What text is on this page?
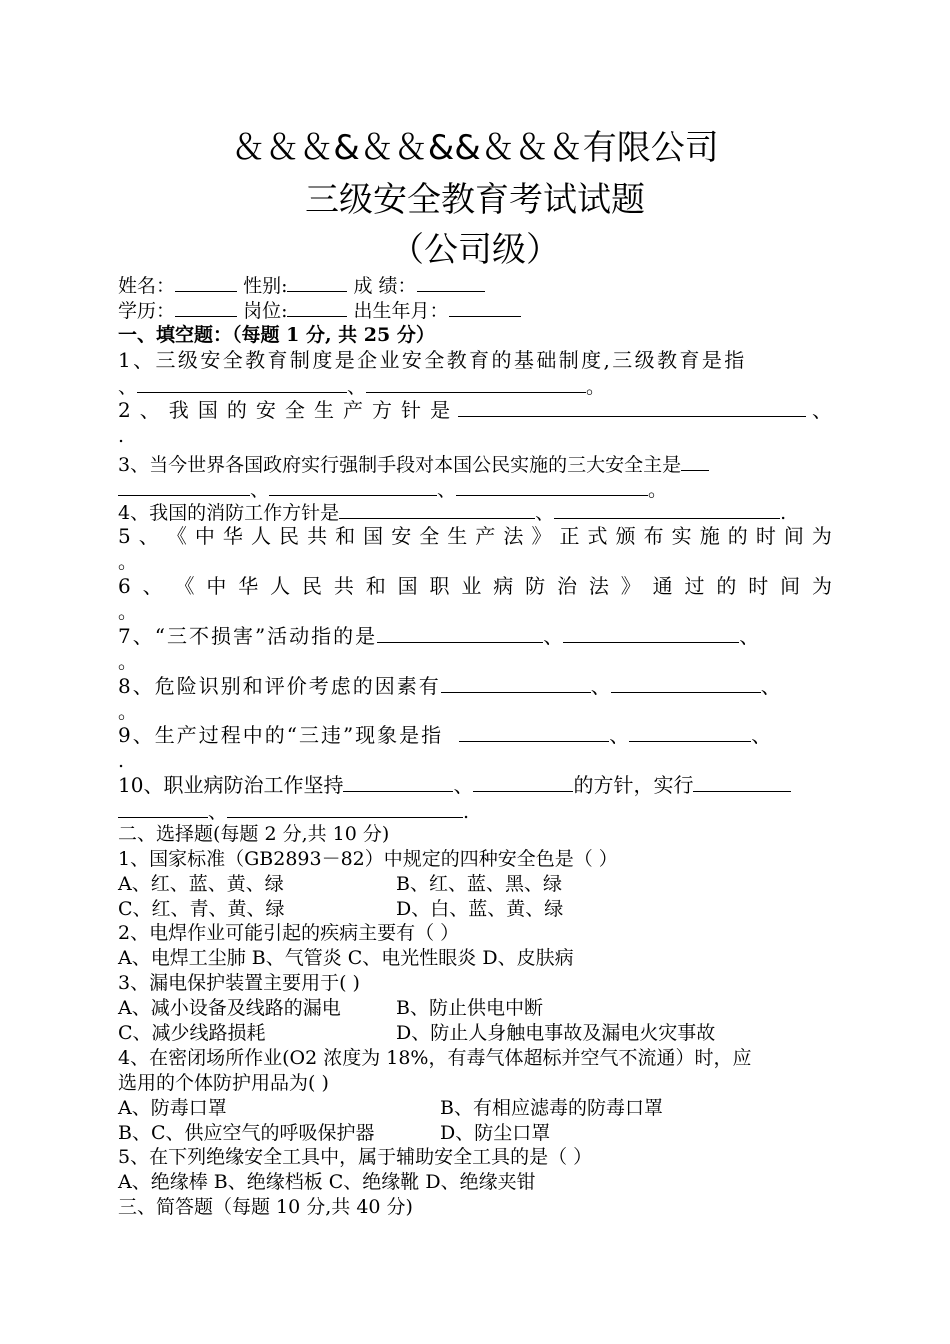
＆＆＆&＆＆&&＆＆＆有限公司
三级安全教育考试试题
（公司级）
姓名：	性别:	成 绩：
学历：	岗位:	出生年月：
一、填空题：（每题 1 分, 共 25 分）
1、三级安全教育制度是企业安全教育的基础制度,三级教育是指
、	、	。
2 、 我 国 的 安 全 生 产 方 针 是	、
.
3、当今世界各国政府实行强制手段对本国公民实施的三大安全主是
、	、	。
4、我国的消防工作方针是	、	.
5 、 《 中 华 人 民 共 和 国 安 全 生 产 法 》 正 式 颁 布 实 施 的 时 间 为
。
6 、 《 中 华 人 民 共 和 国 职 业 病 防 治 法 》 通 过 的 时 间 为
。
7、“三不损害”活动指的是	、	、
。
8、危险识别和评价考虑的因素有	、	、
。
9、生产过程中的“三违”现象是指	、	、
.
10、职业病防治工作坚持	、	的方针，实行
、	.
二、选择题(每题 2 分,共 10 分)
1、国家标准（GB2893－82）中规定的四种安全色是（ ）
A、红、蓝、黄、绿	B、红、蓝、黑、绿
C、红、青、黄、绿	D、白、蓝、黄、绿
2、电焊作业可能引起的疾病主要有（ ）
A、电焊工尘肺 B、气管炎 C、电光性眼炎 D、皮肤病
3、漏电保护装置主要用于( )
A、减小设备及线路的漏电	B、防止供电中断
C、减少线路损耗	D、防止人身触电事故及漏电火灾事故
4、在密闭场所作业(O2 浓度为 18%，有毒气体超标并空气不流通）时，应
选用的个体防护用品为( )
A、防毒口罩	B、有相应滤毒的防毒口罩
B、C、供应空气的呼吸保护器	D、防尘口罩
5、在下列绝缘安全工具中，属于辅助安全工具的是（ ）
A、绝缘棒 B、绝缘档板 C、绝缘靴 D、绝缘夹钳
三、简答题（每题 10 分,共 40 分)
